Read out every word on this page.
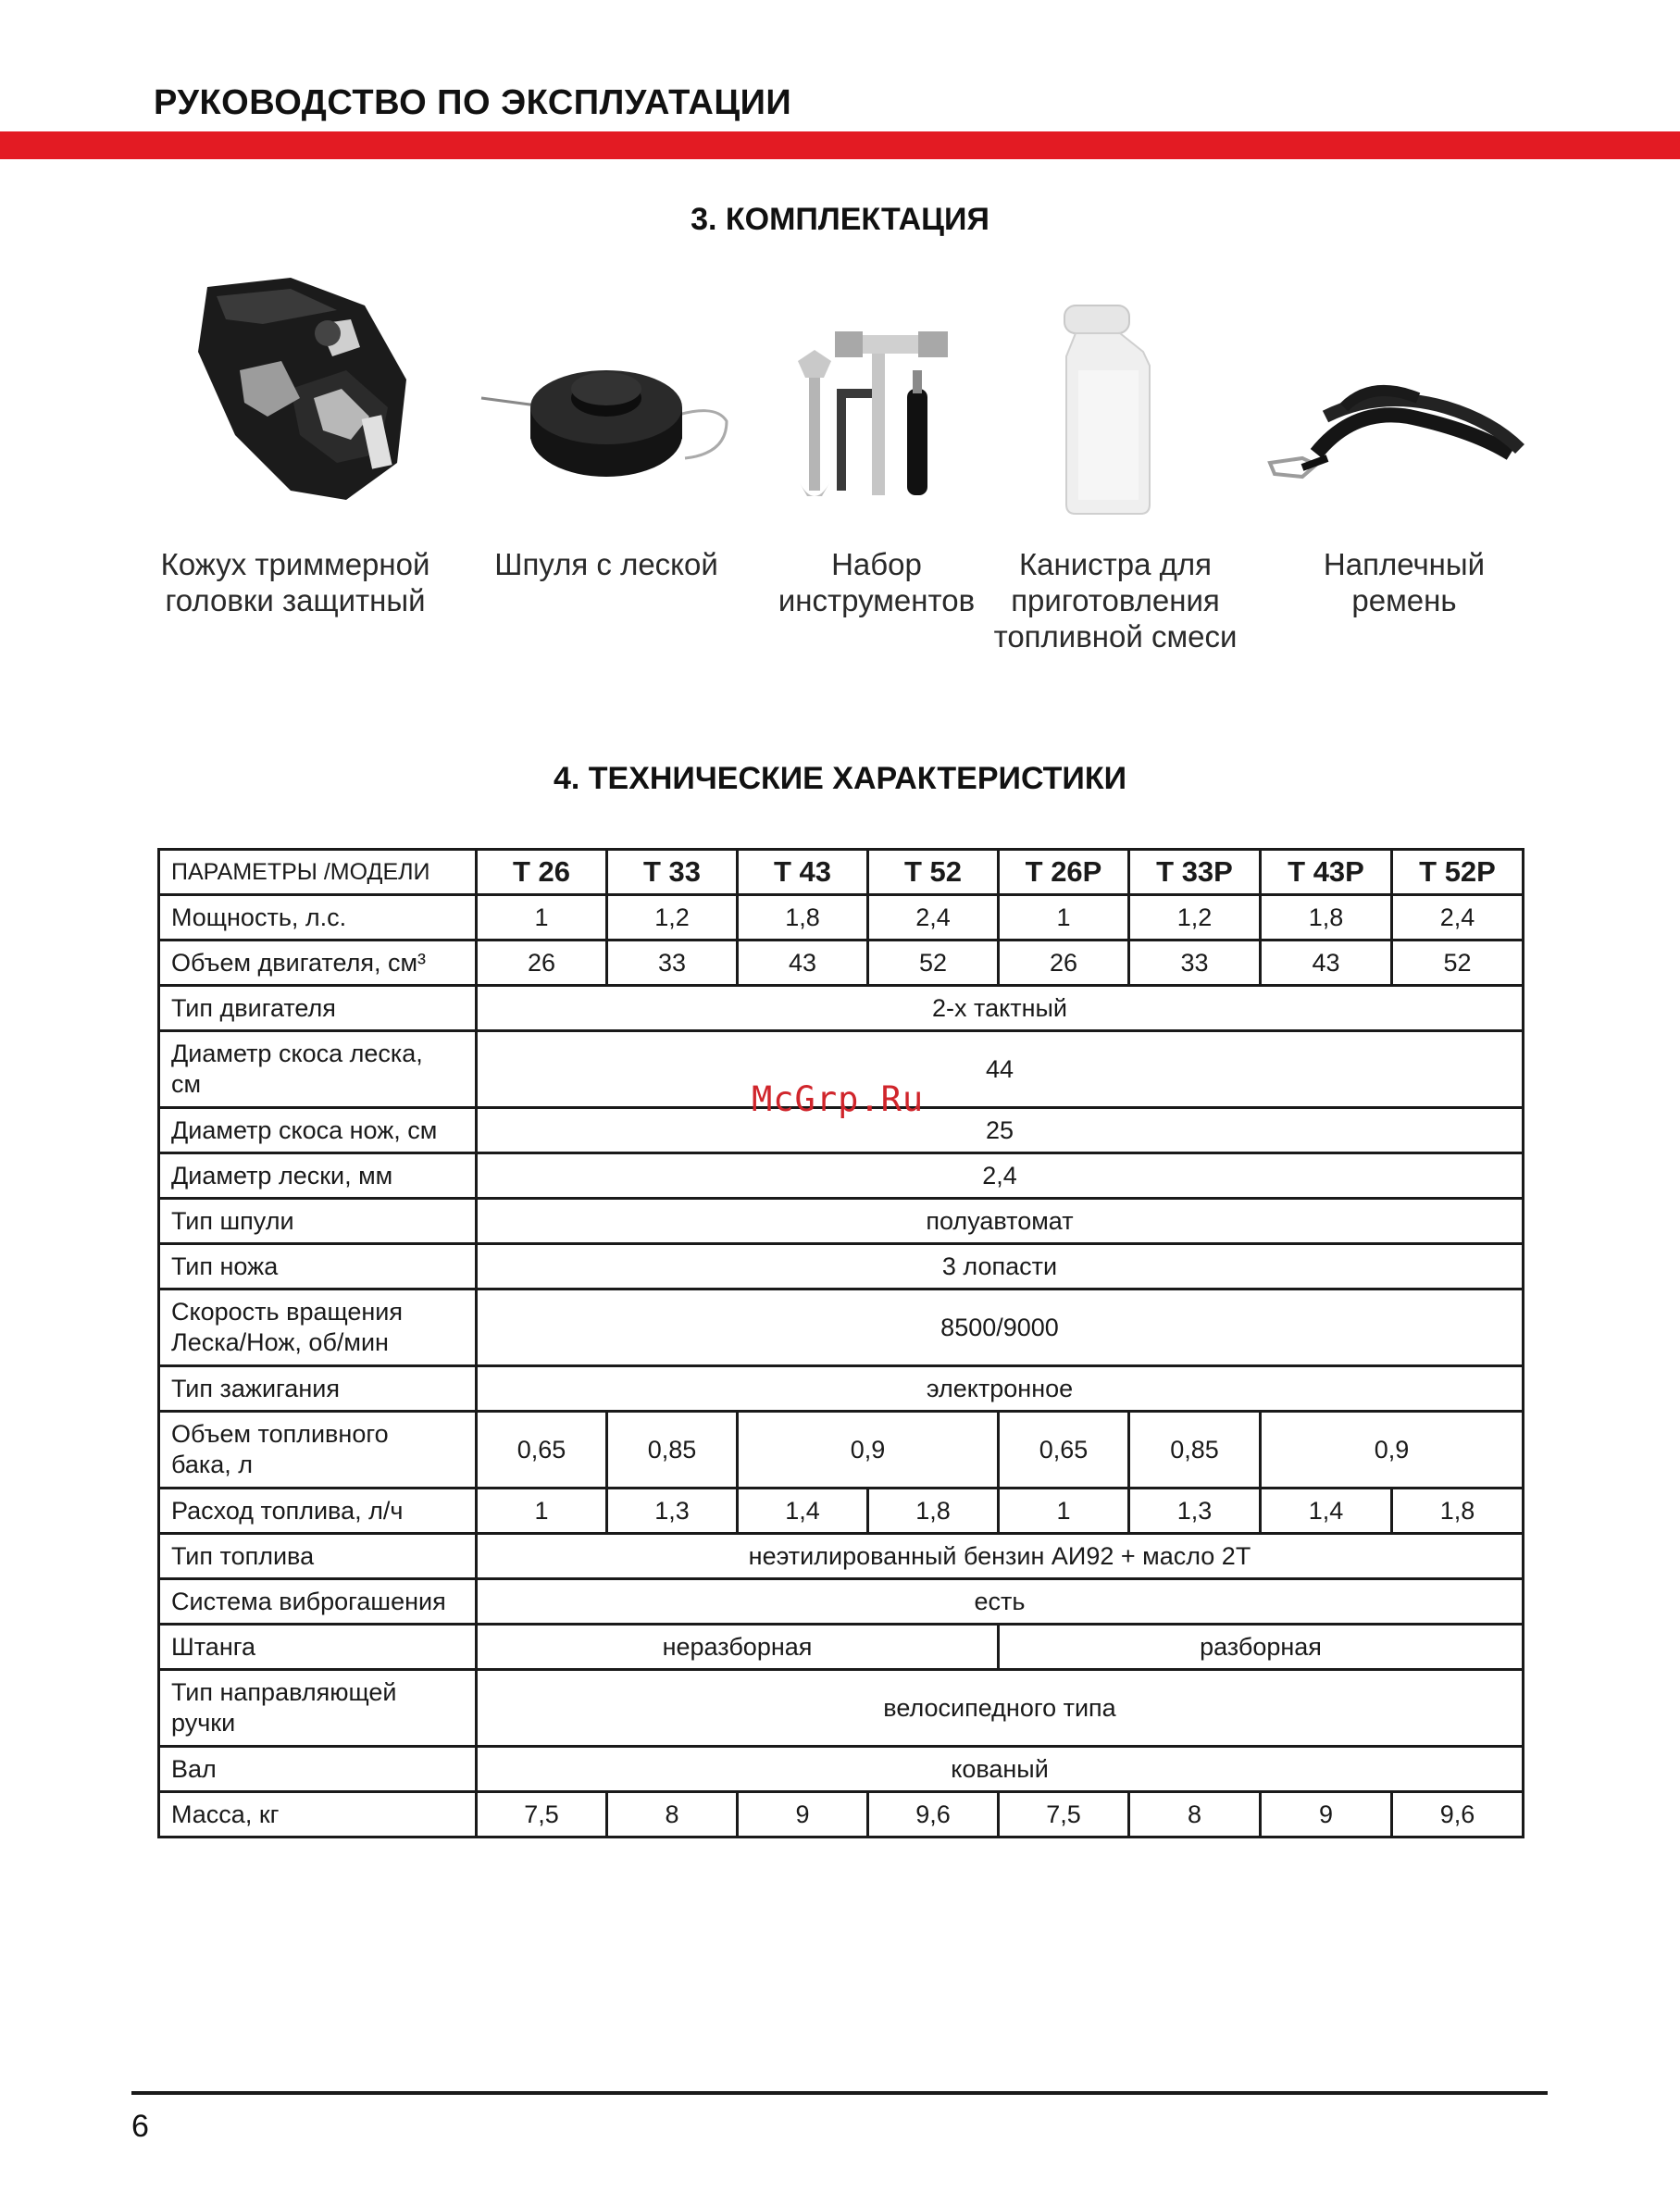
РУКОВОДСТВО ПО ЭКСПЛУАТАЦИИ
3. КОМПЛЕКТАЦИЯ
Кожух триммерной
головки защитный
Шпуля с леской	Набор
инструментов
Канистра для
приготовления
топливной смеси
Наплечный
ремень
4. ТЕХНИЧЕСКИЕ ХАРАКТЕРИСТИКИ
ПАРАМЕТРЫ /МОДЕЛИ	T 26	T 33	T 43	T 52	T 26P	T 33P	T 43P	T 52P
Мощность, л.с.	1	1,2	1,8	2,4	1	1,2	1,8	2,4
Объем двигателя, см³	26	33	43	52	26	33	43	52
Тип двигателя	2-х тактный							
Диаметр скоса леска,
см	44							
Диаметр скоса нож, см	25							
Диаметр лески, мм	2,4							
Тип шпули	полуавтомат							
Тип ножа	3 лопасти							
Скорость вращения
Леска/Нож, об/мин	8500/9000							
Тип зажигания	электронное							
Объем топливного
бака, л	0,65	0,85	0,9		0,65	0,85	0,9	
Расход топлива, л/ч	1	1,3	1,4	1,8	1	1,3	1,4	1,8
Тип топлива	неэтилированный бензин АИ92 + масло 2Т							
Система виброгашения	есть							
Штанга	неразборная				разборная			
Тип направляющей
ручки	велосипедного типа							
Вал	кованый							
Масса, кг	7,5	8	9	9,6	7,5	8	9	9,6
McGrp.Ru
6
